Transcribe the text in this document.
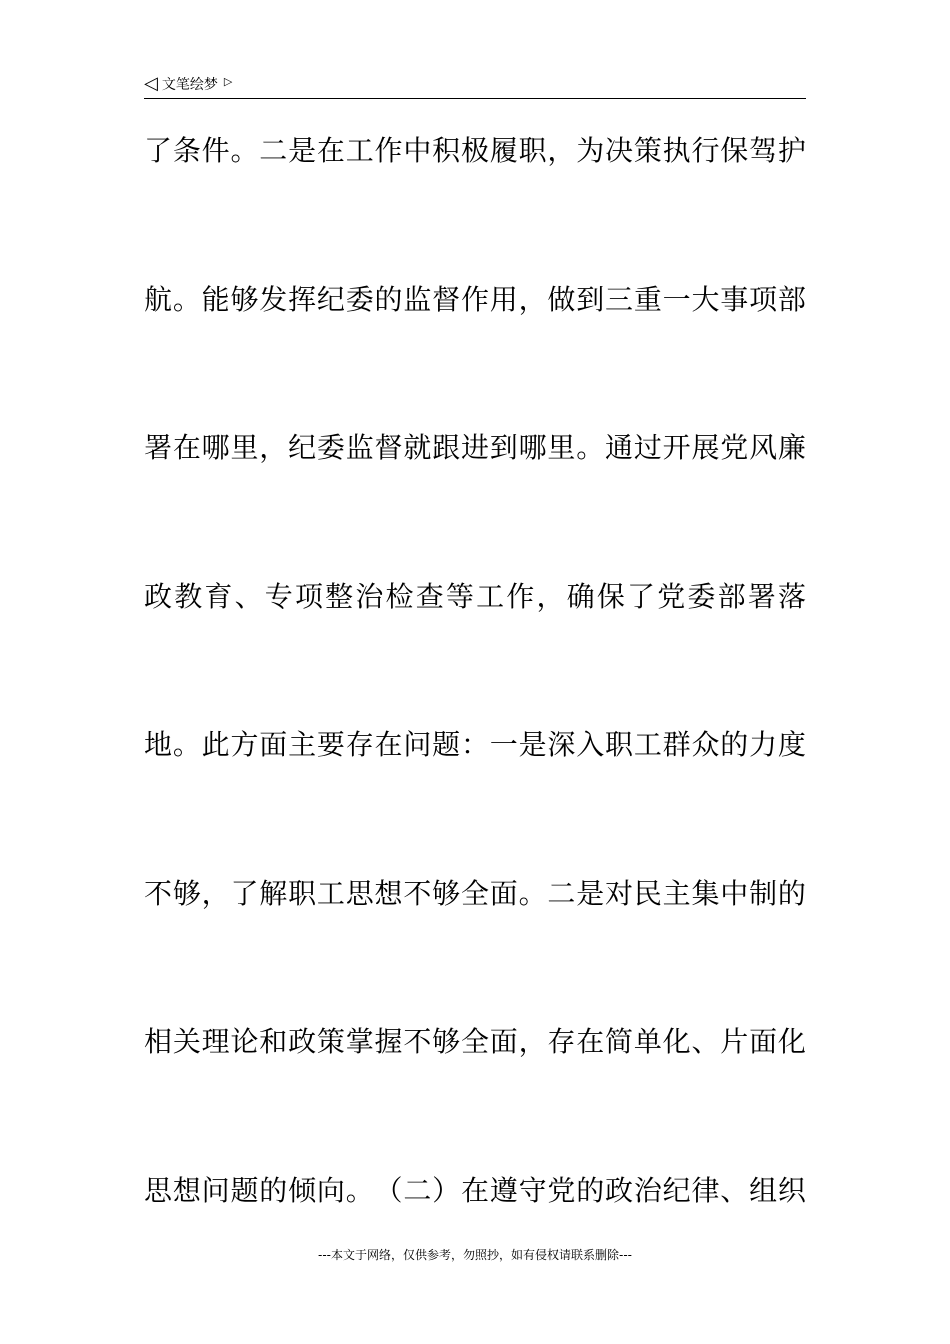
◁ 文笔绘梦 ▷
了 条 件 。 二 是 在 工 作 中 积 极 履 职 ， 为 决 策 执 行 保 驾 护
航 。 能 够 发 挥 纪 委 的 监 督 作 用 ， 做 到 三 重 一 大 事 项 部
署 在 哪 里 ， 纪 委 监 督 就 跟 进 到 哪 里 。 通 过 开 展 党 风 廉
政 教 育 、 专 项 整 治 检 查 等 工 作 ， 确 保 了 党 委 部 署 落
地 。 此 方 面 主 要 存 在 问 题 ： 一 是 深 入 职 工 群 众 的 力 度
不 够 ， 了 解 职 工 思 想 不 够 全 面 。 二 是 对 民 主 集 中 制 的
相 关 理 论 和 政 策 掌 握 不 够 全 面 ， 存 在 简 单 化 、 片 面 化
思 想 问 题 的 倾 向 。 （ 二 ） 在 遵 守 党 的 政 治 纪 律 、 组 织
---本文于网络，仅供参考，勿照抄，如有侵权请联系删除---
